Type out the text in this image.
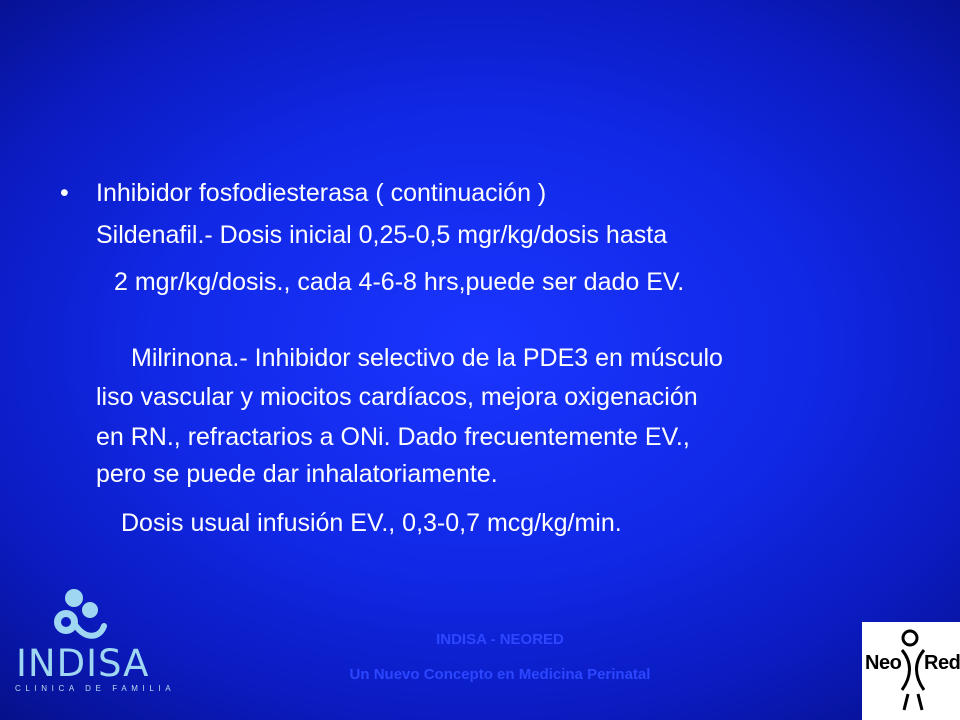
• Inhibidor fosfodiesterasa ( continuación )
Sildenafil.- Dosis inicial 0,25-0,5 mgr/kg/dosis hasta
2 mgr/kg/dosis., cada 4-6-8 hrs,puede ser dado EV.
Milrinona.- Inhibidor selectivo de la PDE3 en músculo
liso vascular y miocitos cardíacos, mejora oxigenación
en RN., refractarios a ONi. Dado frecuentemente EV.,
pero se puede dar inhalatoriamente.
Dosis usual infusión EV., 0,3-0,7 mcg/kg/min.
INDISA
CLINICA DE FAMILIA
INDISA - NEORED
Un Nuevo Concepto en Medicina Perinatal
Neo Red
